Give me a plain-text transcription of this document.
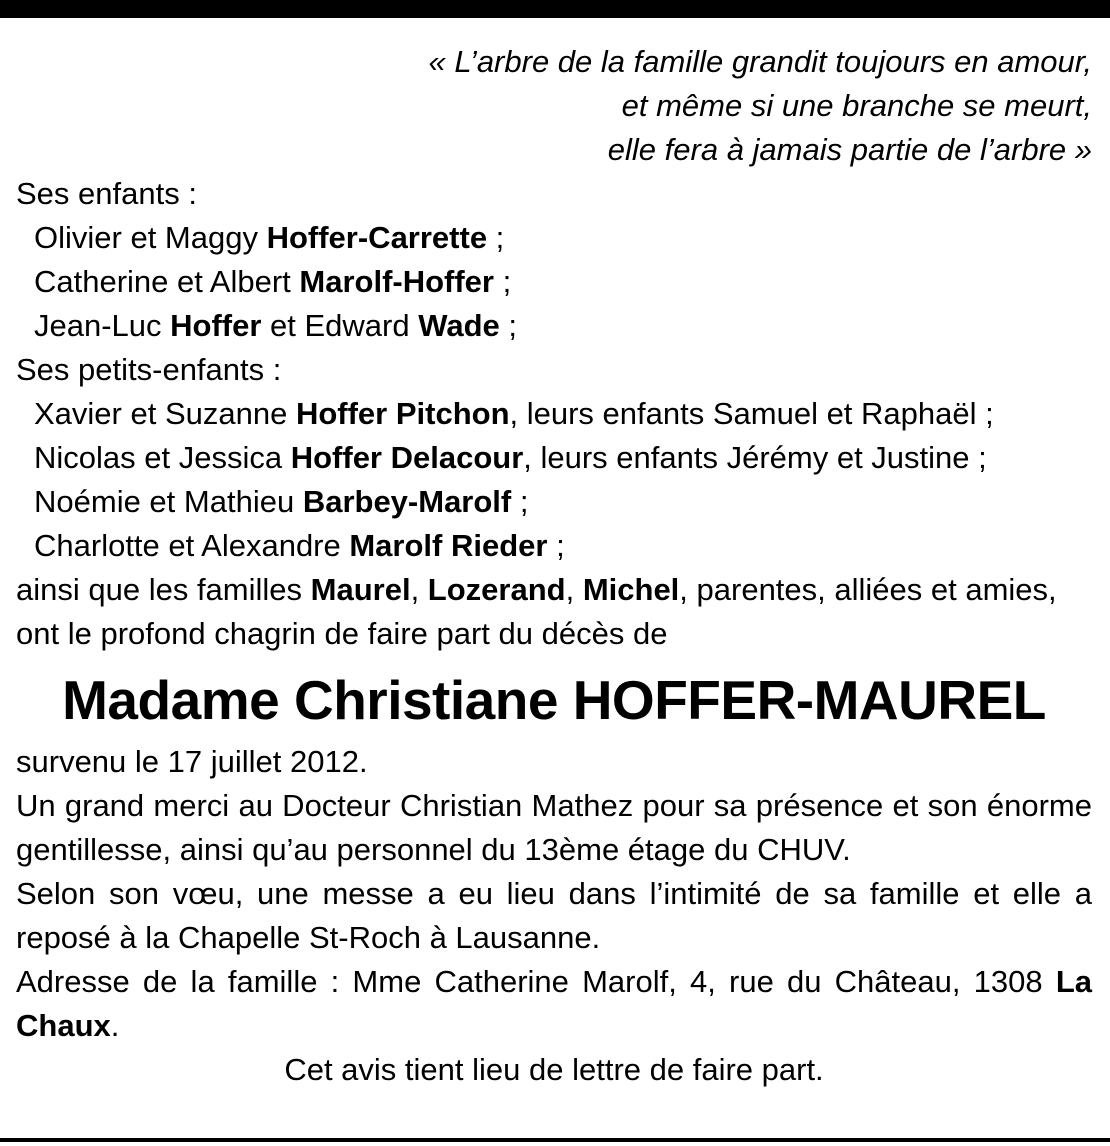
« L’arbre de la famille grandit toujours en amour,
et même si une branche se meurt,
elle fera à jamais partie de l’arbre »
Ses enfants :
Olivier et Maggy Hoffer-Carrette ;
Catherine et Albert Marolf-Hoffer ;
Jean-Luc Hoffer et Edward Wade ;
Ses petits-enfants :
Xavier et Suzanne Hoffer Pitchon, leurs enfants Samuel et Raphaël ;
Nicolas et Jessica Hoffer Delacour, leurs enfants Jérémy et Justine ;
Noémie et Mathieu Barbey-Marolf ;
Charlotte et Alexandre Marolf Rieder ;
ainsi que les familles Maurel, Lozerand, Michel, parentes, alliées et amies,
ont le profond chagrin de faire part du décès de
Madame Christiane HOFFER-MAUREL
survenu le 17 juillet 2012.
Un grand merci au Docteur Christian Mathez pour sa présence et son énorme gentillesse, ainsi qu’au personnel du 13ème étage du CHUV.
Selon son vœu, une messe a eu lieu dans l’intimité de sa famille et elle a reposé à la Chapelle St-Roch à Lausanne.
Adresse de la famille : Mme Catherine Marolf, 4, rue du Château, 1308 La Chaux.
Cet avis tient lieu de lettre de faire part.
